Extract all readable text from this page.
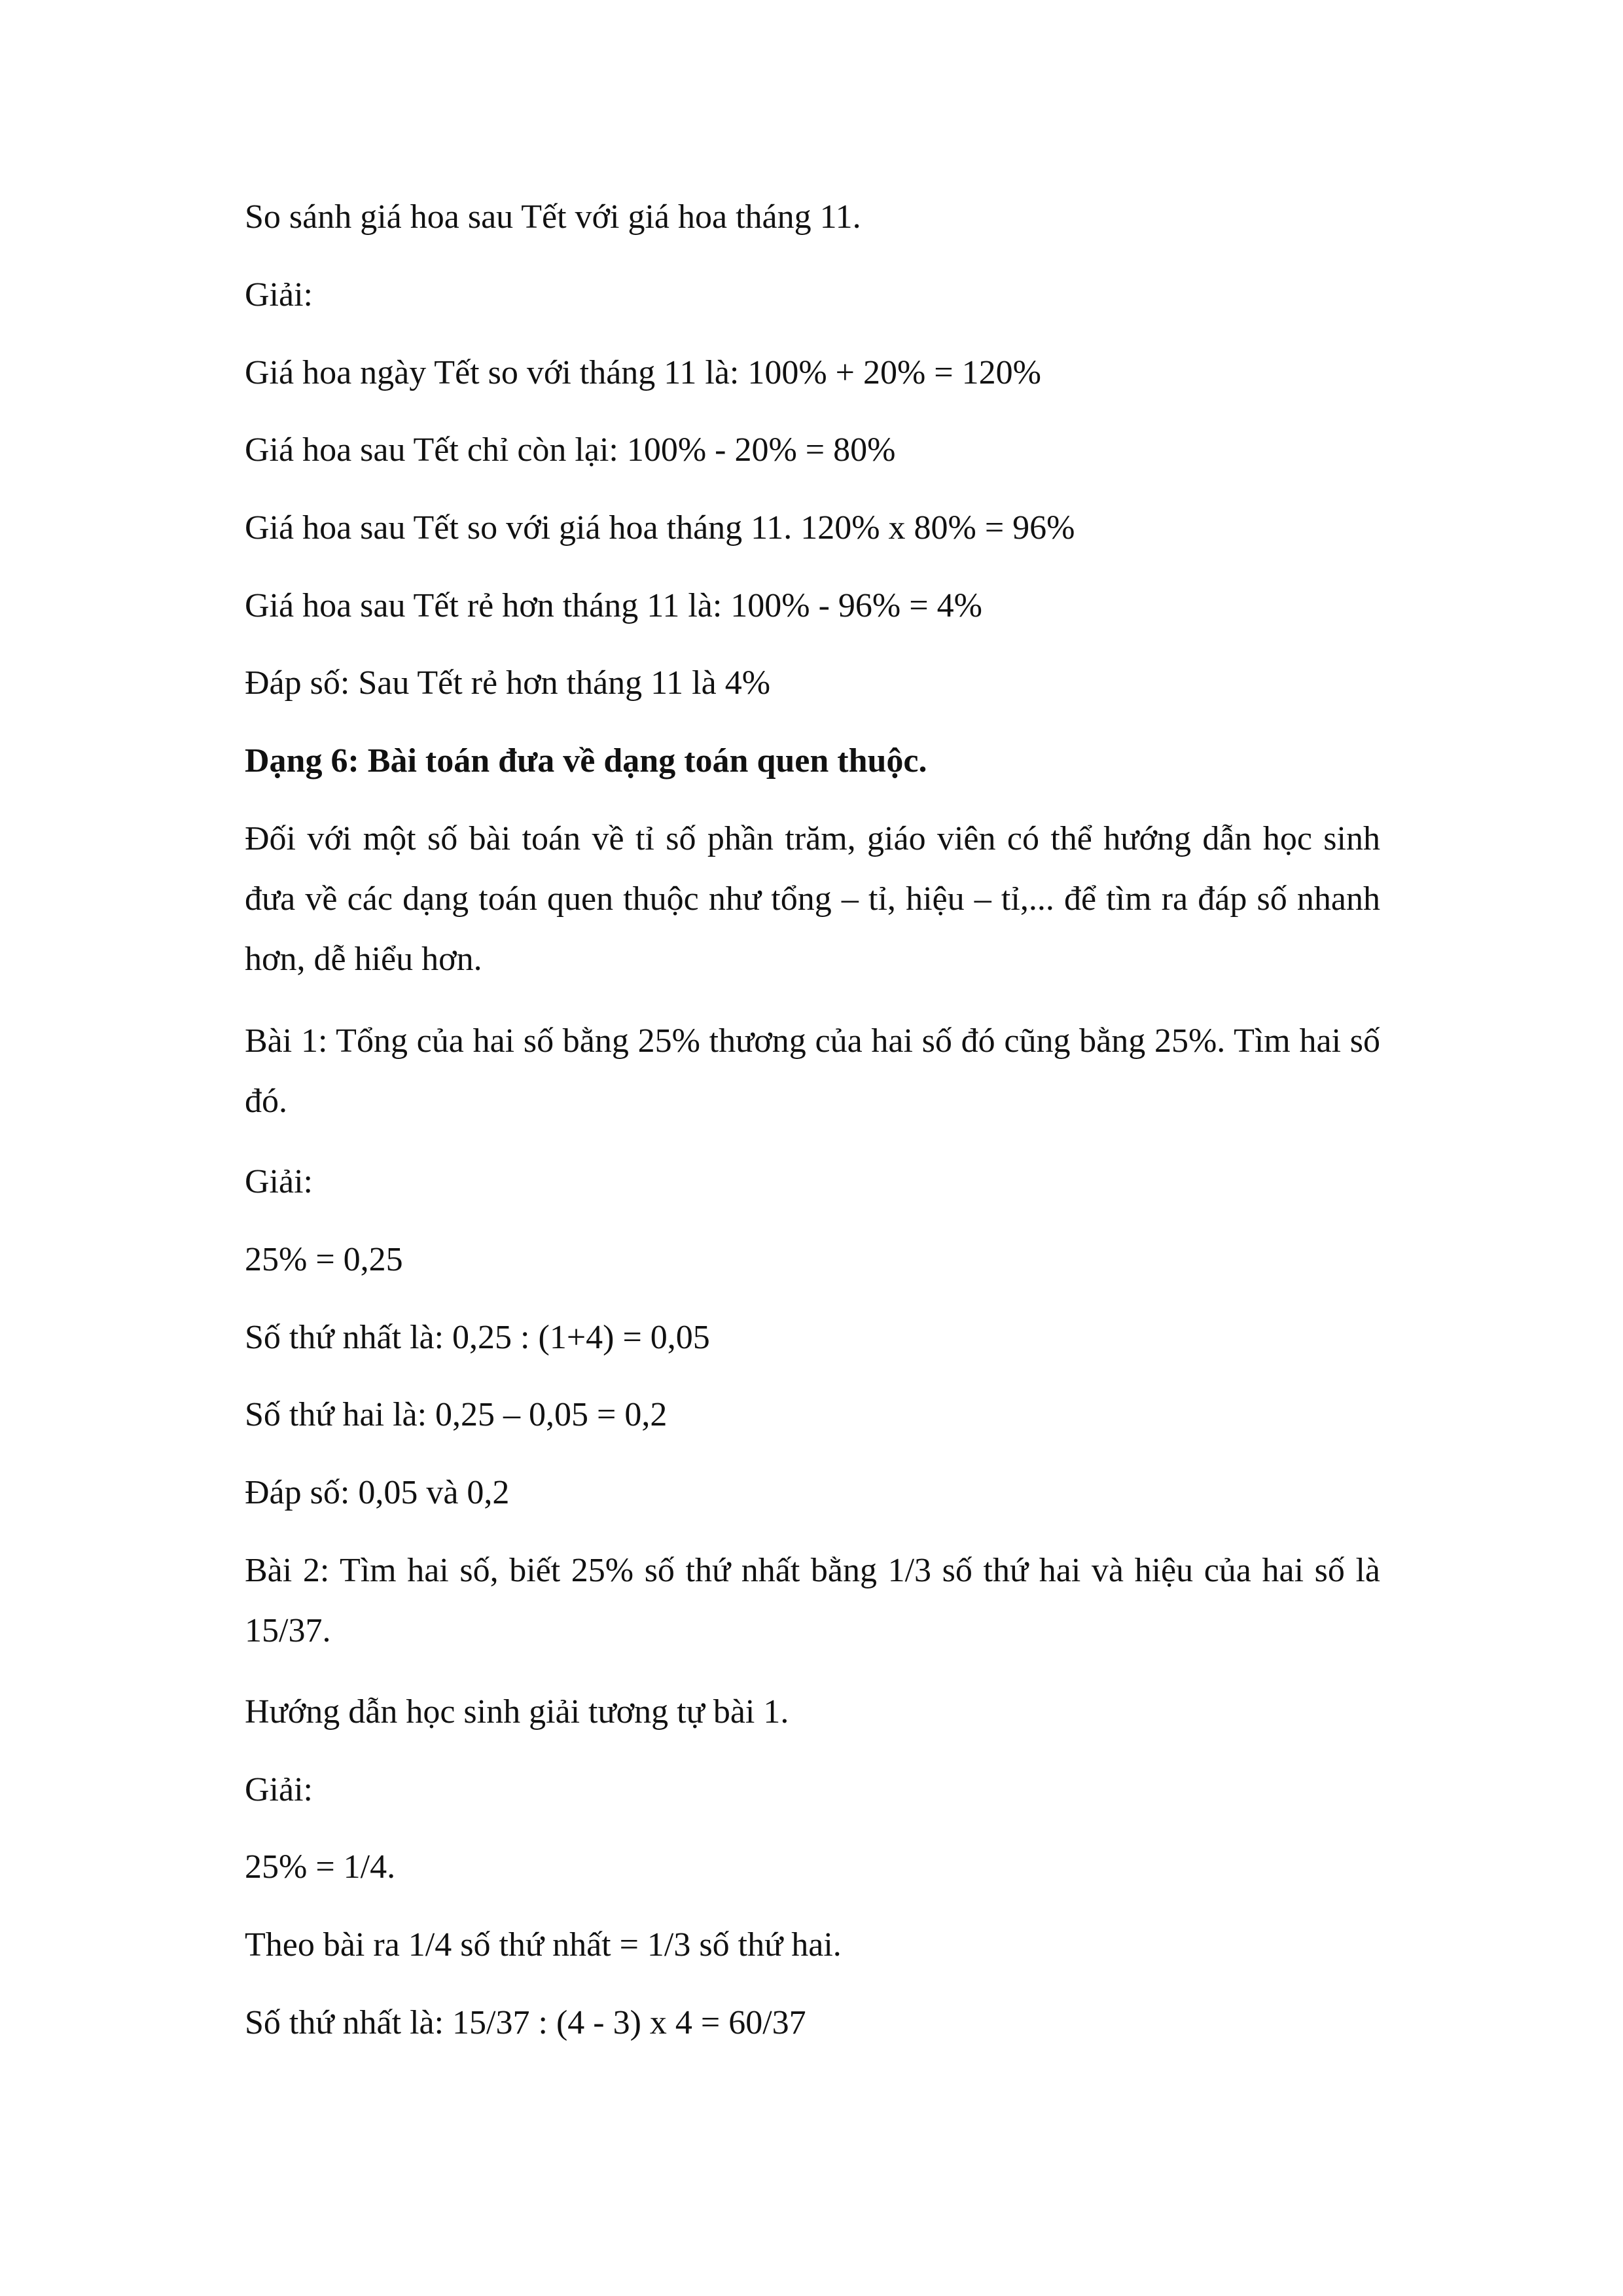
So sánh giá hoa sau Tết với giá hoa tháng 11.
Giải:
Giá hoa ngày Tết so với tháng 11 là: 100% + 20% = 120%
Giá hoa sau Tết chỉ còn lại: 100% - 20% = 80%
Giá hoa sau Tết so với giá hoa tháng 11. 120% x 80% = 96%
Giá hoa sau Tết rẻ hơn tháng 11 là: 100% - 96% = 4%
Đáp số: Sau Tết rẻ hơn tháng 11 là 4%
Dạng 6: Bài toán đưa về dạng toán quen thuộc.
Đối với một số bài toán về tỉ số phần trăm, giáo viên có thể hướng dẫn học sinh đưa về các dạng toán quen thuộc như tổng – tỉ, hiệu – tỉ,... để tìm ra đáp số nhanh hơn, dễ hiểu hơn.
Bài 1: Tổng của hai số bằng 25% thương của hai số đó cũng bằng 25%. Tìm hai số đó.
Giải:
25% = 0,25
Số thứ nhất là: 0,25 : (1+4) = 0,05
Số thứ hai là: 0,25 – 0,05 = 0,2
Đáp số: 0,05 và 0,2
Bài 2: Tìm hai số, biết 25% số thứ nhất bằng 1/3 số thứ hai và hiệu của hai số là 15/37.
Hướng dẫn học sinh giải tương tự bài 1.
Giải:
25% = 1/4.
Theo bài ra 1/4 số thứ nhất = 1/3 số thứ hai.
Số thứ nhất là: 15/37 : (4 - 3) x 4 = 60/37
